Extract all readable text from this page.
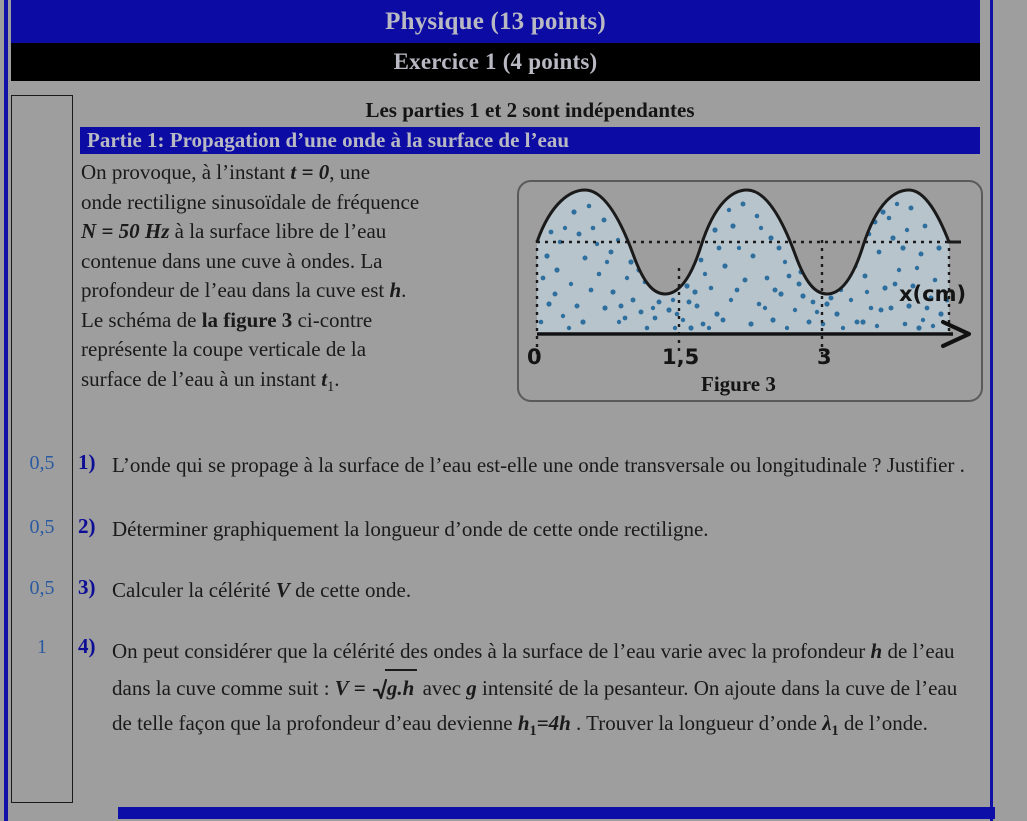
Physique (13 points)
Exercice 1 (4 points)
Les parties 1 et 2 sont indépendantes
Partie 1: Propagation d’une onde à la surface de l’eau
On provoque, à l’instant t = 0, une
onde rectiligne sinusoïdale de fréquence
N = 50 Hz à la surface libre de l’eau
contenue dans une cuve à ondes. La
profondeur de l’eau dans la cuve est h.
Le schéma de la figure 3 ci-contre
représente la coupe verticale de la
surface de l’eau à un instant $t_1$.
x(cm)
0	1,5	3
Figure 3
0,5	1) L’onde qui se propage à la surface de l’eau est-elle une onde transversale ou longitudinale ? Justifier .
0,5	2) Déterminer graphiquement la longueur d’onde de cette onde rectiligne.
0,5	3) Calculer la célérité V de cette onde.
1	4) On peut considérer que la célérité des ondes à la surface de l’eau varie avec la profondeur h de l’eau dans la cuve comme suit : V = g.h avec g intensité de la pesanteur. On ajoute dans la cuve de l’eau de telle façon que la profondeur d’eau devienne $h_1=4h$ . Trouver la longueur d’onde $\lambda_1$ de l’onde.
